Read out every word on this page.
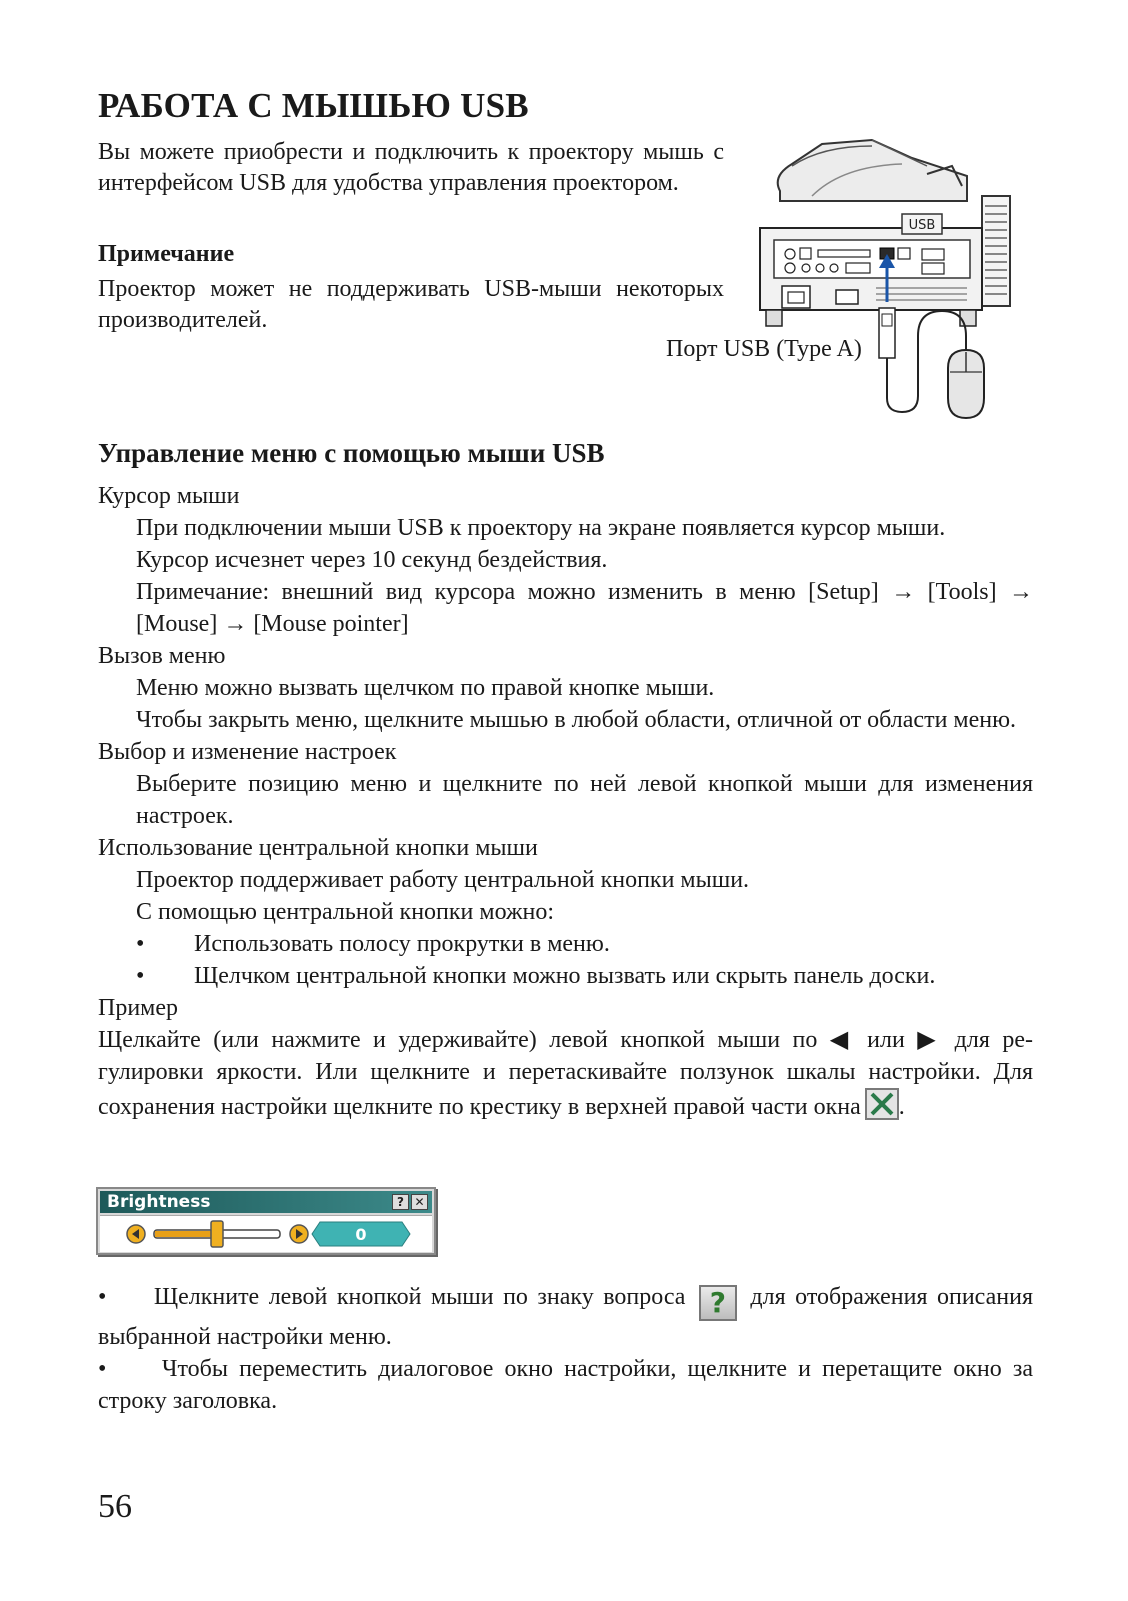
РАБОТА С МЫШЬЮ USB

Вы можете приобрести и подключить к проектору мышь с интерфейсом USB для удобства управления проектором.

Примечание

Проектор может не поддерживать USB-мыши некоторых производителей.

USB

Порт USB (Type A)

Управление меню с помощью мыши USB

Курсор мыши

При подключении мыши USB к проектору на экране появляется курсор мыши.

Курсор исчезнет через 10 секунд бездействия.

Примечание: внешний вид курсора можно изменить в меню [Setup] → [Tools] → [Mouse] → [Mouse pointer]

Вызов меню

Меню можно вызвать щелчком по правой кнопке мыши.

Чтобы закрыть меню, щелкните мышью в любой области, отличной от области меню.

Выбор и изменение настроек

Выберите позицию меню и щелкните по ней левой кнопкой мыши для изменения настроек.

Использование центральной кнопки мыши

Проектор поддерживает работу центральной кнопки мыши.

С помощью центральной кнопки можно:

• Использовать полосу прокрутки в меню.

• Щелчком центральной кнопки можно вызвать или скрыть панель доски.

Пример

Щелкайте (или нажмите и удерживайте) левой кнопкой мыши по ◀ или ▶ для регулировки яркости. Или щелкните и перетаскивайте ползунок шкалы настройки. Для сохранения настройки щелкните по крестику в верхней правой части окна .

Brightness	? ✕
0

•     Щелкните левой кнопкой мыши по знаку вопроса ? для отображения описания выбранной настройки меню.

•     Чтобы переместить диалоговое окно настройки, щелкните и перетащите окно за строку заголовка.

56
